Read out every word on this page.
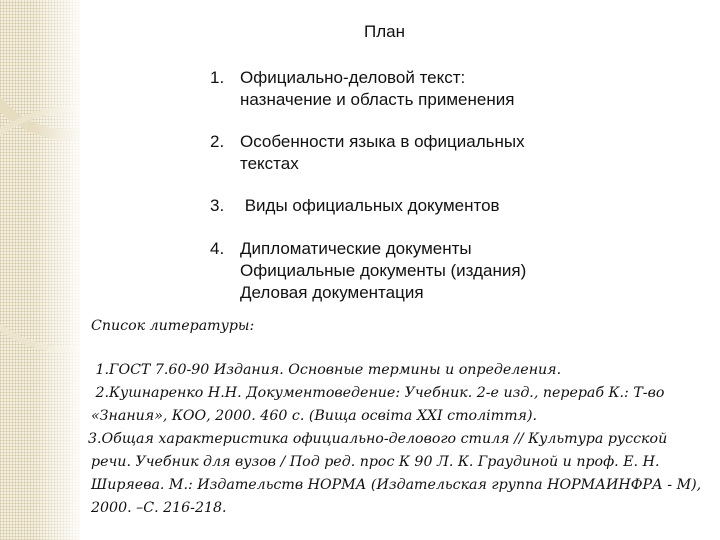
План
1. Официально-деловой текст:
назначение и область применения
2. Особенности языка в официальных
текстах
3. Виды официальных документов
4. Дипломатические документы
Официальные документы (издания)
Деловая документация
Список литературы:
1.ГОСТ 7.60-90 Издания. Основные термины и определения.
2.Кушнаренко Н.Н. Документоведение: Учебник. 2-е изд., перераб К.: Т-во
«Знания», КОО, 2000. 460 с. (Вища освіта XXI століття).
3.Общая характеристика официально-делового стиля // Культура русской
речи. Учебник для вузов / Под ред. проc К 90 Л. К. Граудиной и проф. Е. Н.
Ширяева. М.: Издательств НОРМА (Издательская группа НОРМАИНФРА - М),
2000. –С. 216-218.
